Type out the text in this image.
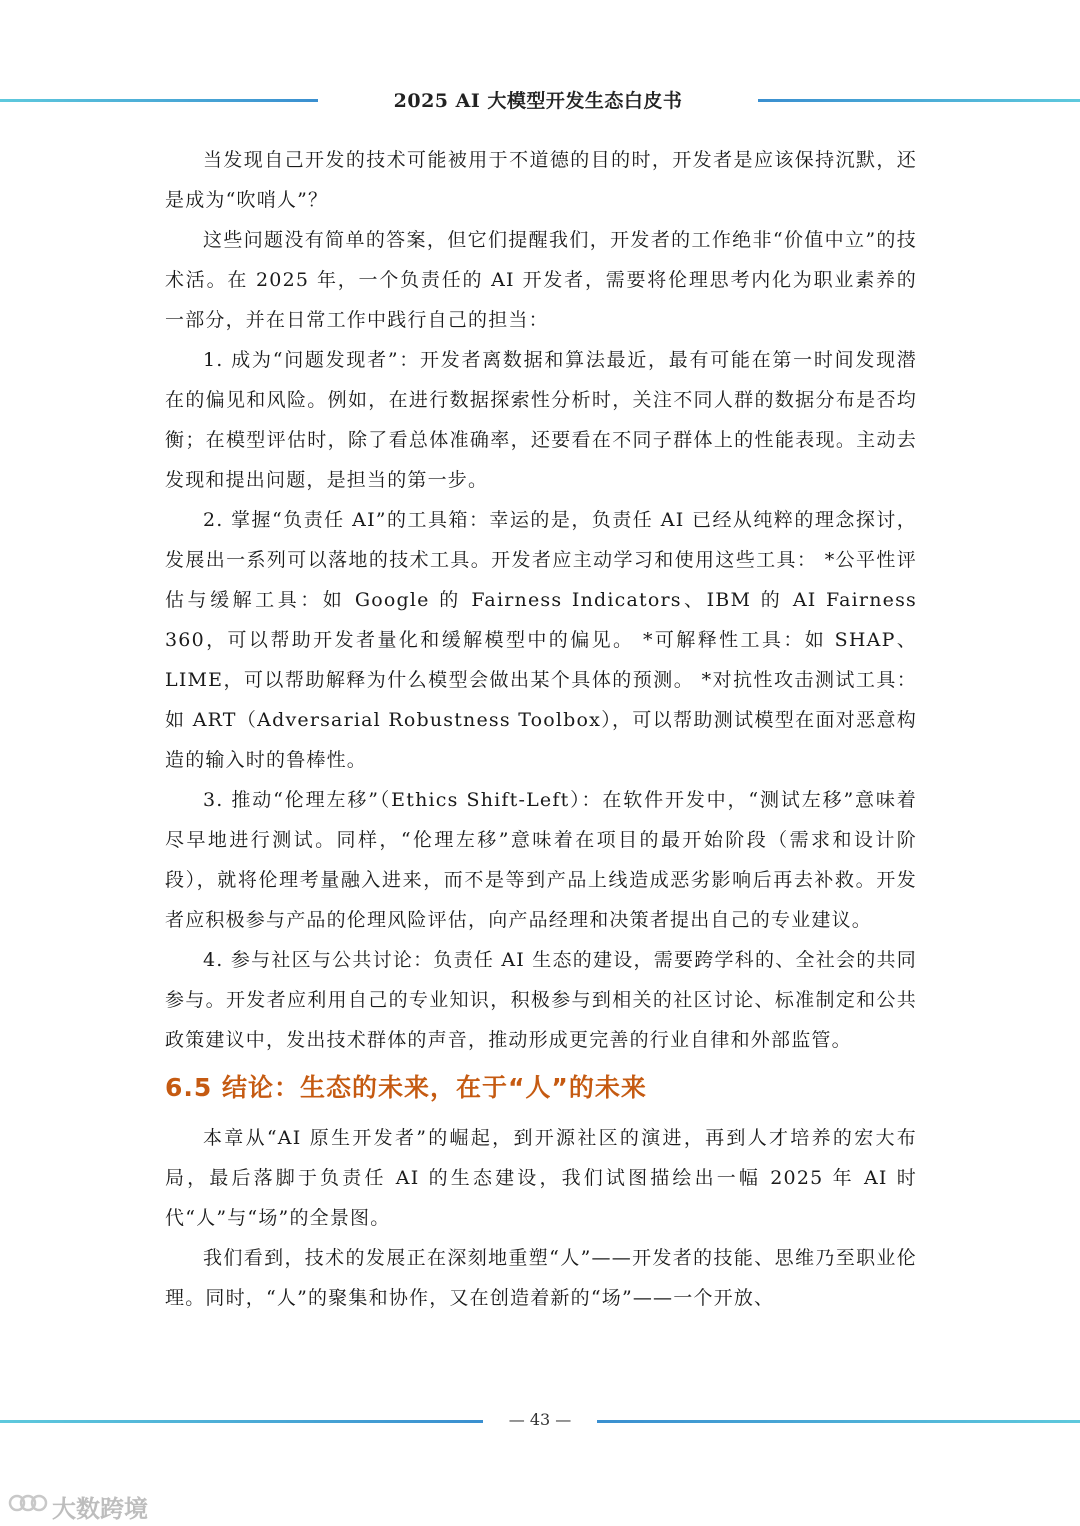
2025 AI 大模型开发生态白皮书

当发现自己开发的技术可能被用于不道德的目的时，开发者是应该保持沉默，还是成为“吹哨人”？

这些问题没有简单的答案，但它们提醒我们，开发者的工作绝非“价值中立”的技术活。在 2025 年，一个负责任的 AI 开发者，需要将伦理思考内化为职业素养的一部分，并在日常工作中践行自己的担当：

1. 成为“问题发现者”：开发者离数据和算法最近，最有可能在第一时间发现潜在的偏见和风险。例如，在进行数据探索性分析时，关注不同人群的数据分布是否均衡；在模型评估时，除了看总体准确率，还要看在不同子群体上的性能表现。主动去发现和提出问题，是担当的第一步。

2. 掌握“负责任 AI”的工具箱：幸运的是，负责任 AI 已经从纯粹的理念探讨，发展出一系列可以落地的技术工具。开发者应主动学习和使用这些工具： *公平性评估与缓解工具：如 Google 的 Fairness Indicators、IBM 的 AI Fairness 360，可以帮助开发者量化和缓解模型中的偏见。 *可解释性工具：如 SHAP、LIME，可以帮助解释为什么模型会做出某个具体的预测。 *对抗性攻击测试工具：如 ART（Adversarial Robustness Toolbox），可以帮助测试模型在面对恶意构造的输入时的鲁棒性。

3. 推动“伦理左移”（Ethics Shift-Left）：在软件开发中，“测试左移”意味着尽早地进行测试。同样，“伦理左移”意味着在项目的最开始阶段（需求和设计阶段），就将伦理考量融入进来，而不是等到产品上线造成恶劣影响后再去补救。开发者应积极参与产品的伦理风险评估，向产品经理和决策者提出自己的专业建议。

4. 参与社区与公共讨论：负责任 AI 生态的建设，需要跨学科的、全社会的共同参与。开发者应利用自己的专业知识，积极参与到相关的社区讨论、标准制定和公共政策建议中，发出技术群体的声音，推动形成更完善的行业自律和外部监管。

6.5 结论：生态的未来，在于“人”的未来

本章从“AI 原生开发者”的崛起，到开源社区的演进，再到人才培养的宏大布局，最后落脚于负责任 AI 的生态建设，我们试图描绘出一幅 2025 年 AI 时代“人”与“场”的全景图。

我们看到，技术的发展正在深刻地重塑“人”——开发者的技能、思维乃至职业伦理。同时，“人”的聚集和协作，又在创造着新的“场”——一个开放、

— 43 —
大数跨境
